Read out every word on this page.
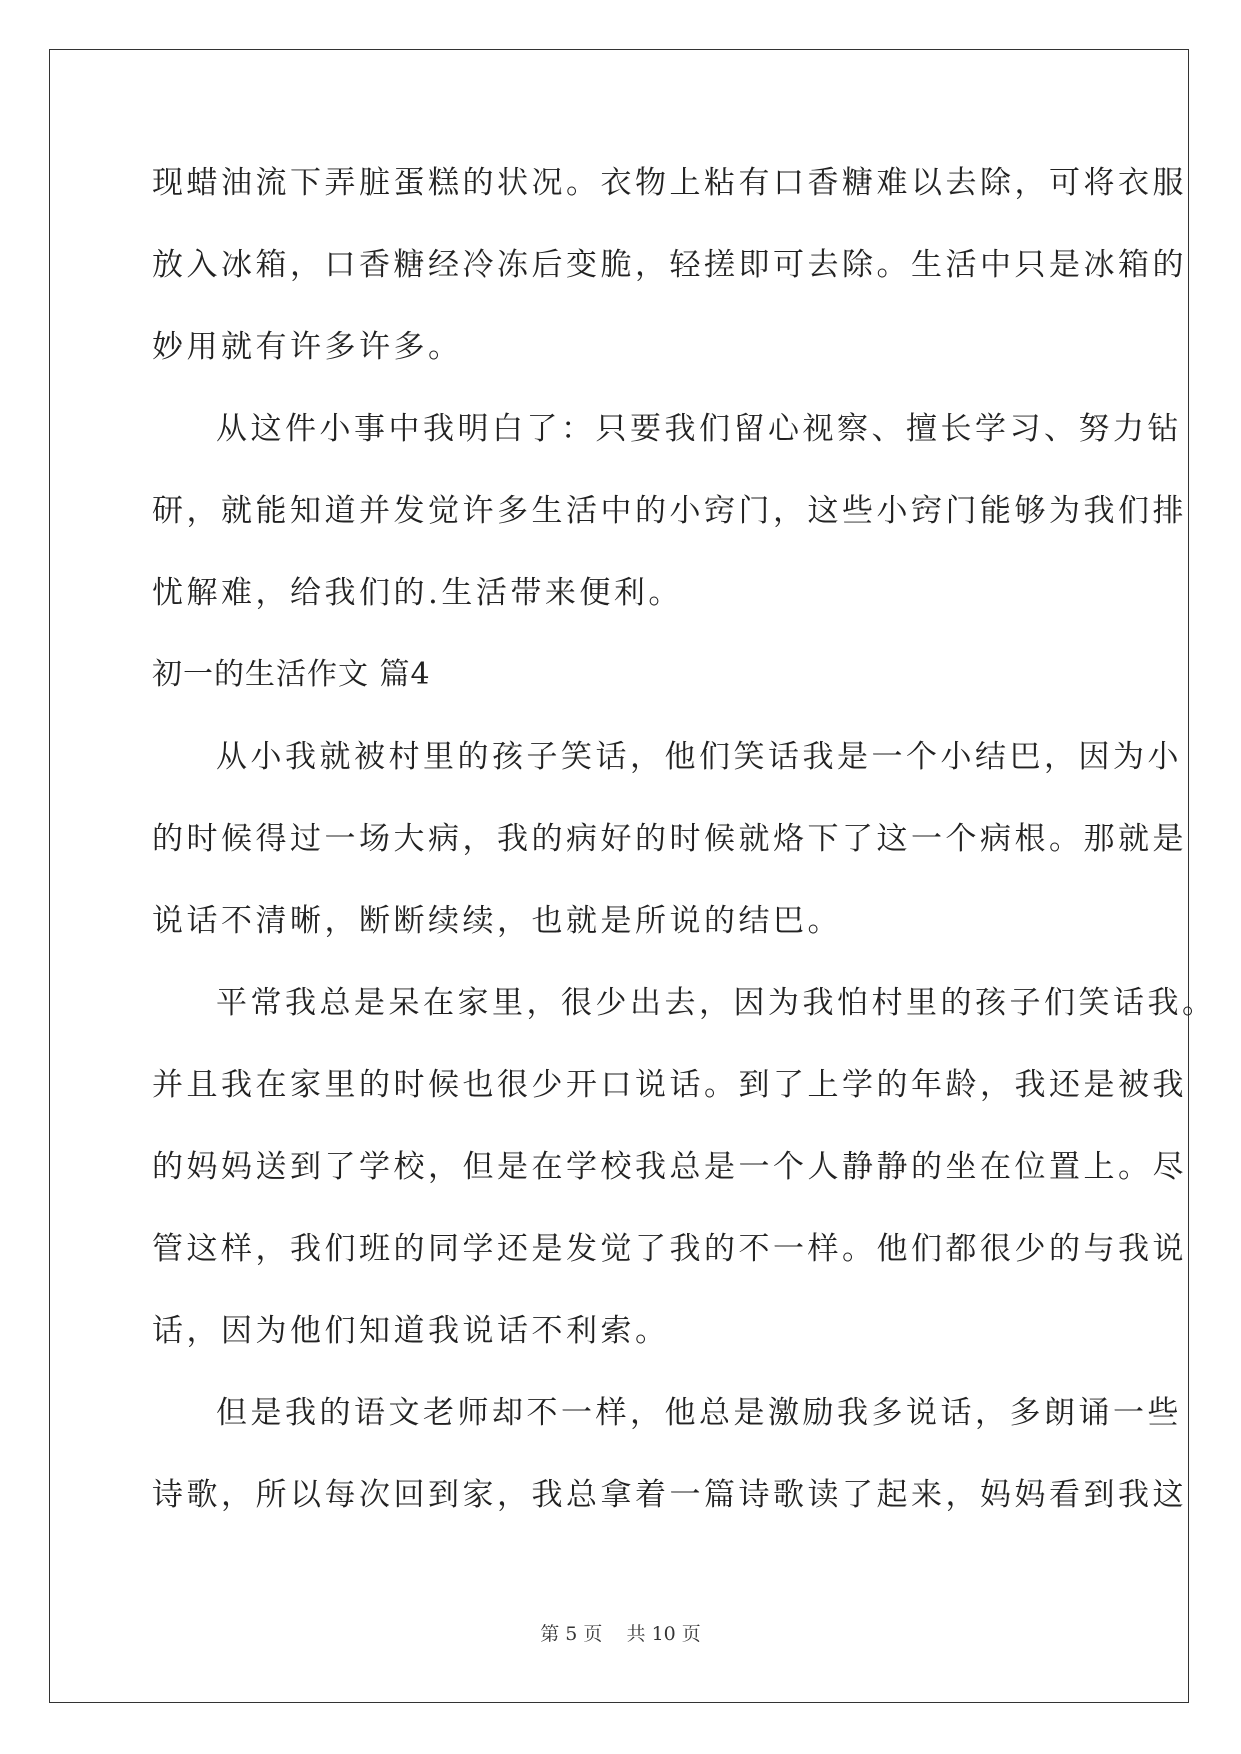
现蜡油流下弄脏蛋糕的状况。衣物上粘有口香糖难以去除，可将衣服
放入冰箱，口香糖经冷冻后变脆，轻搓即可去除。生活中只是冰箱的
妙用就有许多许多。
从这件小事中我明白了：只要我们留心视察、擅长学习、努力钻
研，就能知道并发觉许多生活中的小窍门，这些小窍门能够为我们排
忧解难，给我们的.生活带来便利。
初一的生活作文 篇4
从小我就被村里的孩子笑话，他们笑话我是一个小结巴，因为小
的时候得过一场大病，我的病好的时候就烙下了这一个病根。那就是
说话不清晰，断断续续，也就是所说的结巴。
平常我总是呆在家里，很少出去，因为我怕村里的孩子们笑话我。
并且我在家里的时候也很少开口说话。到了上学的年龄，我还是被我
的妈妈送到了学校，但是在学校我总是一个人静静的坐在位置上。尽
管这样，我们班的同学还是发觉了我的不一样。他们都很少的与我说
话，因为他们知道我说话不利索。
但是我的语文老师却不一样，他总是激励我多说话，多朗诵一些
诗歌，所以每次回到家，我总拿着一篇诗歌读了起来，妈妈看到我这
第 5 页    共 10 页
